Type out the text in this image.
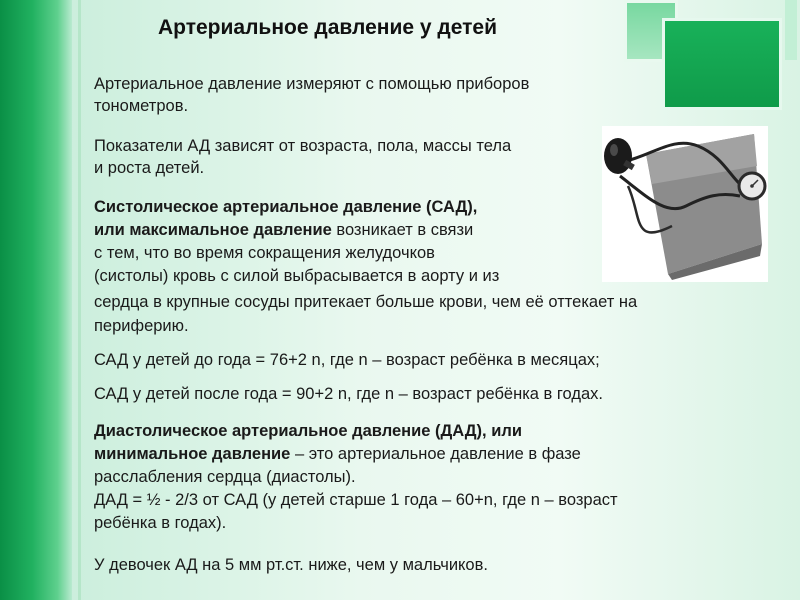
Артериальное давление у детей

Артериальное давление измеряют с помощью приборов

тонометров.

Показатели АД зависят от возраста, пола, массы тела

и роста детей.

Систолическое артериальное давление (САД),

или максимальное давление возникает в связи

с тем, что во время сокращения желудочков

(систолы) кровь с силой выбрасывается в аорту и из

сердца в крупные сосуды притекает больше крови, чем её оттекает на

периферию.

САД у детей до года = 76+2 n, где n – возраст ребёнка в месяцах;

САД у детей после года = 90+2 n, где n – возраст ребёнка в годах.

Диастолическое артериальное давление (ДАД), или

минимальное давление – это артериальное давление в фазе

расслабления сердца (диастолы).

ДАД = ½ - 2/3 от САД (у детей старше 1 года – 60+n, где n – возраст

ребёнка в годах).

У девочек АД на 5 мм рт.ст. ниже, чем у мальчиков.
